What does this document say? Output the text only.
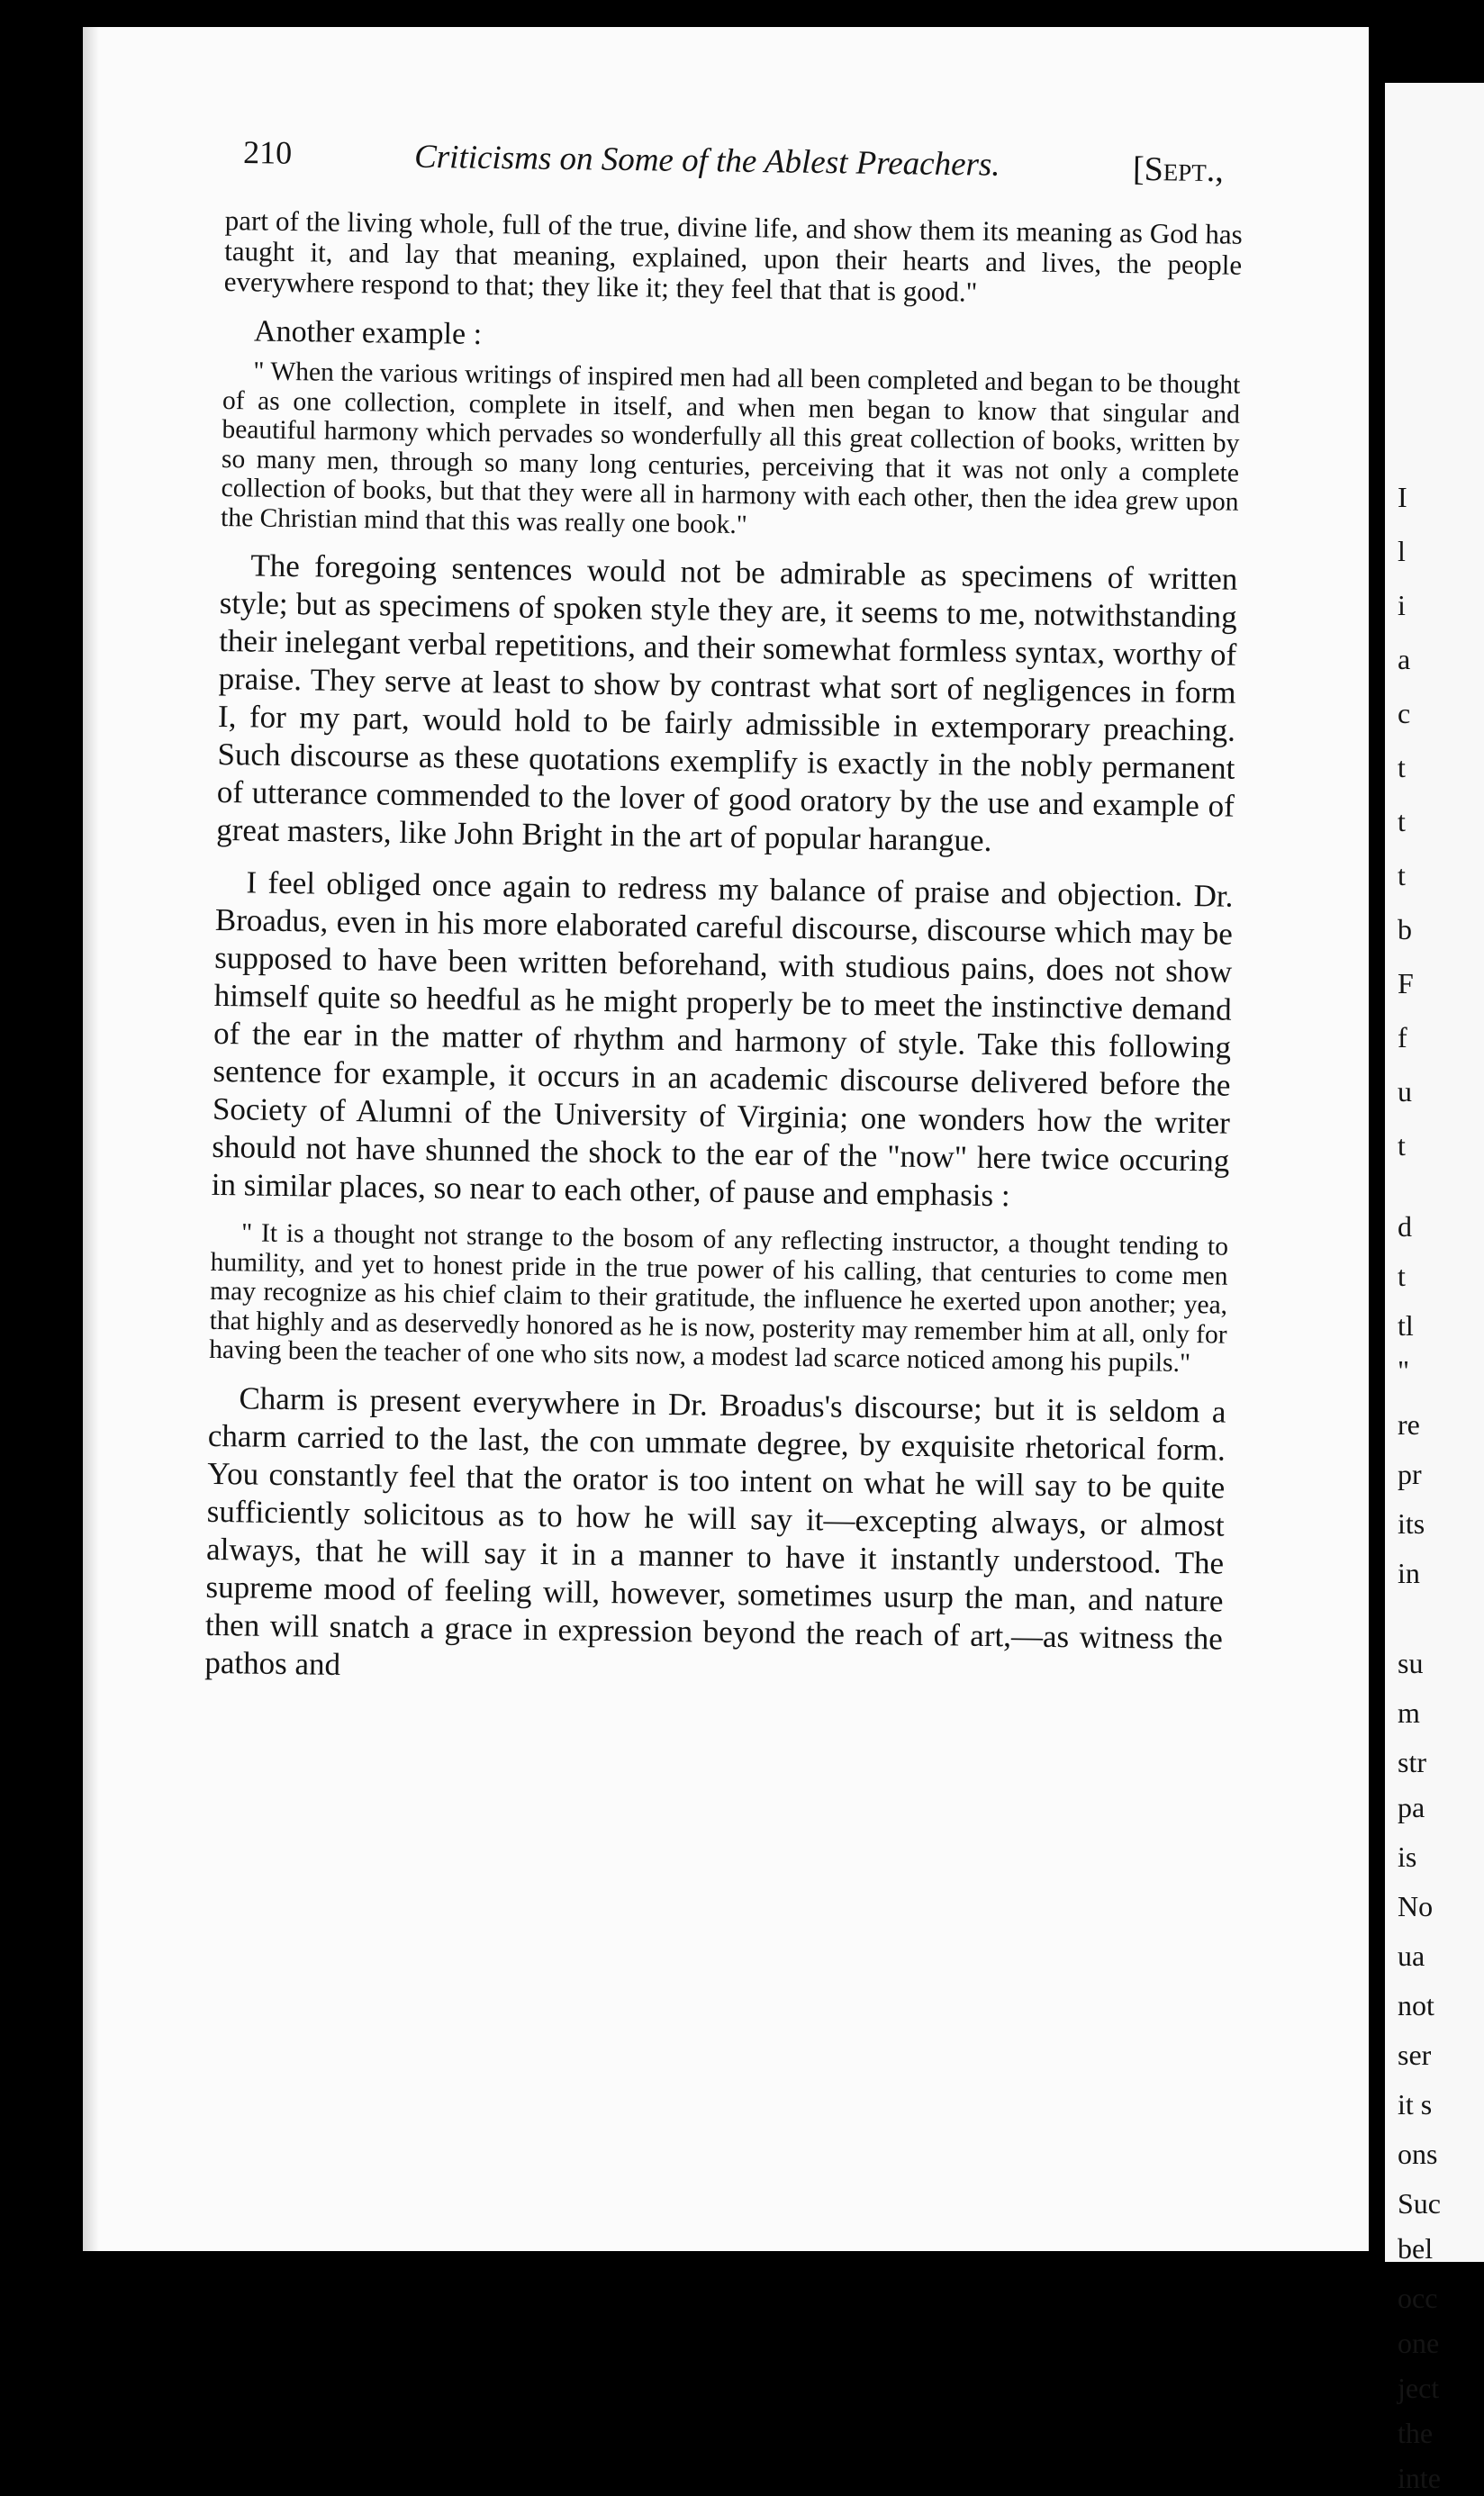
210	Criticisms on Some of the Ablest Preachers.	[Sept.,

part of the living whole, full of the true, divine life, and show them its meaning as God has taught it, and lay that meaning, explained, upon their hearts and lives, the people everywhere respond to that; they like it; they feel that that is good."

Another example :

" When the various writings of inspired men had all been completed and began to be thought of as one collection, complete in itself, and when men began to know that singular and beautiful harmony which pervades so wonderfully all this great collection of books, written by so many men, through so many long centuries, perceiving that it was not only a complete collection of books, but that they were all in harmony with each other, then the idea grew upon the Christian mind that this was really one book."

The foregoing sentences would not be admirable as specimens of written style; but as specimens of spoken style they are, it seems to me, notwithstanding their inelegant verbal repetitions, and their somewhat formless syntax, worthy of praise. They serve at least to show by contrast what sort of negligences in form I, for my part, would hold to be fairly admissible in extemporary preaching. Such discourse as these quotations exemplify is exactly in the nobly permanent of utterance commended to the lover of good oratory by the use and example of great masters, like John Bright in the art of popular harangue.

I feel obliged once again to redress my balance of praise and objection. Dr. Broadus, even in his more elaborated careful discourse, discourse which may be supposed to have been written beforehand, with studious pains, does not show himself quite so heedful as he might properly be to meet the instinctive demand of the ear in the matter of rhythm and harmony of style. Take this following sentence for example, it occurs in an academic discourse delivered before the Society of Alumni of the University of Virginia; one wonders how the writer should not have shunned the shock to the ear of the "now" here twice occuring in similar places, so near to each other, of pause and emphasis :

" It is a thought not strange to the bosom of any reflecting instructor, a thought tending to humility, and yet to honest pride in the true power of his calling, that centuries to come men may recognize as his chief claim to their gratitude, the influence he exerted upon another; yea, that highly and as deservedly honored as he is now, posterity may remember him at all, only for having been the teacher of one who sits now, a modest lad scarce noticed among his pupils."

Charm is present everywhere in Dr. Broadus's discourse; but it is seldom a charm carried to the last, the con ummate degree, by exquisite rhetorical form. You constantly feel that the orator is too intent on what he will say to be quite sufficiently solicitous as to how he will say it—excepting always, or almost always, that he will say it in a manner to have it instantly understood. The supreme mood of feeling will, however, sometimes usurp the man, and nature then will snatch a grace in expression beyond the reach of art,—as witness the pathos and

I
l
i
a
c
t
t
t
b
F
f
u
t
d
t
tl
"
re
pr
its
in
su
m
str
pa
is
No
ua
not
ser
it s
ons
Suc
bel
occ
one
ject
the
inte
